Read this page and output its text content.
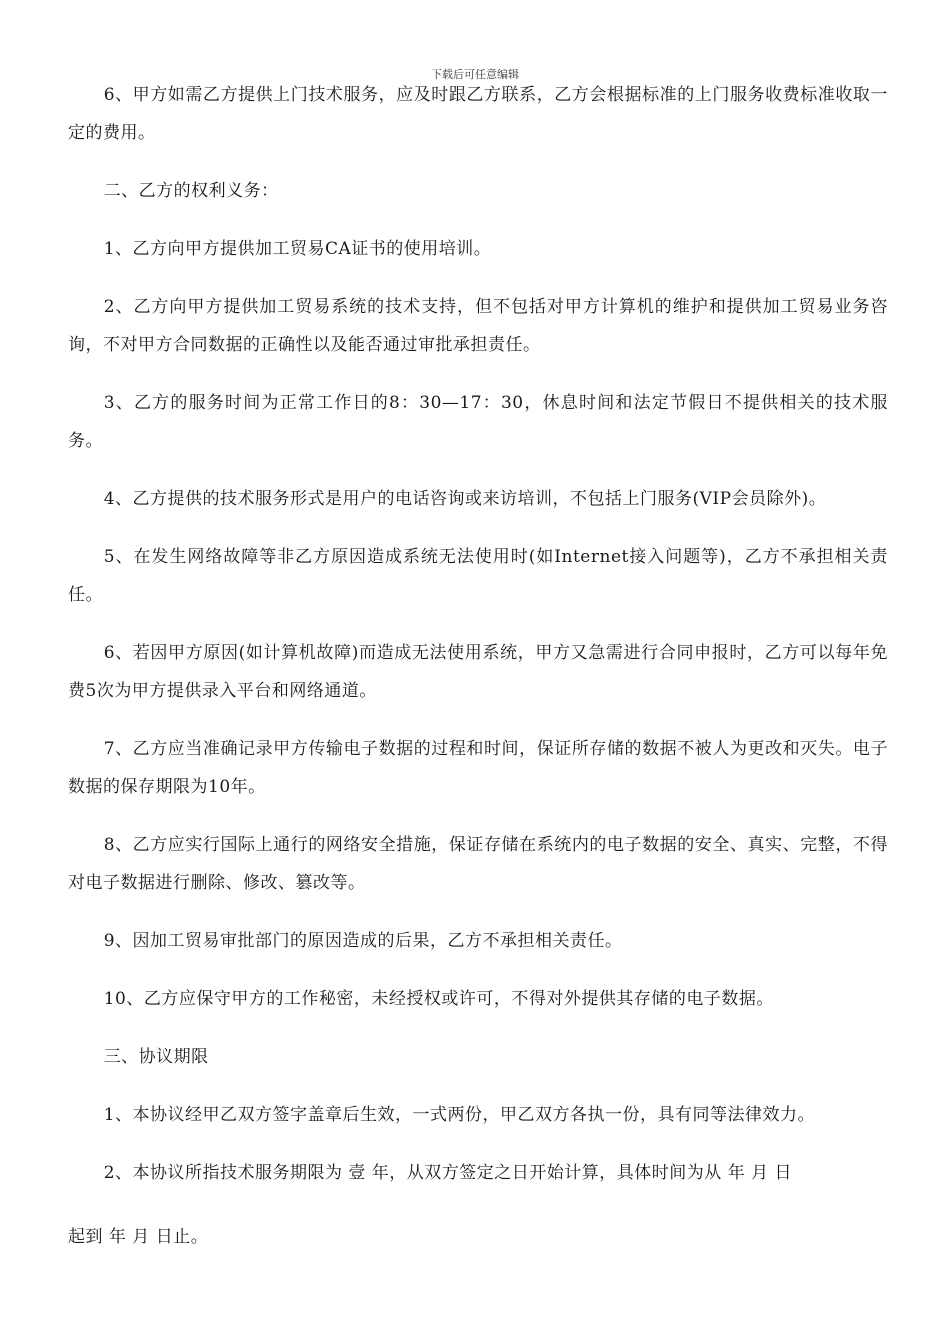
下载后可任意编辑

6、甲方如需乙方提供上门技术服务，应及时跟乙方联系，乙方会根据标准的上门服务收费标准收取一定的费用。

二、乙方的权利义务：

1、乙方向甲方提供加工贸易CA证书的使用培训。

2、乙方向甲方提供加工贸易系统的技术支持，但不包括对甲方计算机的维护和提供加工贸易业务咨询，不对甲方合同数据的正确性以及能否通过审批承担责任。

3、乙方的服务时间为正常工作日的8：30—17：30，休息时间和法定节假日不提供相关的技术服务。

4、乙方提供的技术服务形式是用户的电话咨询或来访培训，不包括上门服务(VIP会员除外)。

5、在发生网络故障等非乙方原因造成系统无法使用时(如Internet接入问题等)，乙方不承担相关责任。

6、若因甲方原因(如计算机故障)而造成无法使用系统，甲方又急需进行合同申报时，乙方可以每年免费5次为甲方提供录入平台和网络通道。

7、乙方应当准确记录甲方传输电子数据的过程和时间，保证所存储的数据不被人为更改和灭失。电子数据的保存期限为10年。

8、乙方应实行国际上通行的网络安全措施，保证存储在系统内的电子数据的安全、真实、完整，不得对电子数据进行删除、修改、篡改等。

9、因加工贸易审批部门的原因造成的后果，乙方不承担相关责任。

10、乙方应保守甲方的工作秘密，未经授权或许可，不得对外提供其存储的电子数据。

三、协议期限

1、本协议经甲乙双方签字盖章后生效，一式两份，甲乙双方各执一份，具有同等法律效力。

2、本协议所指技术服务期限为 壹 年，从双方签定之日开始计算，具体时间为从 年 月 日

起到 年 月 日止。
